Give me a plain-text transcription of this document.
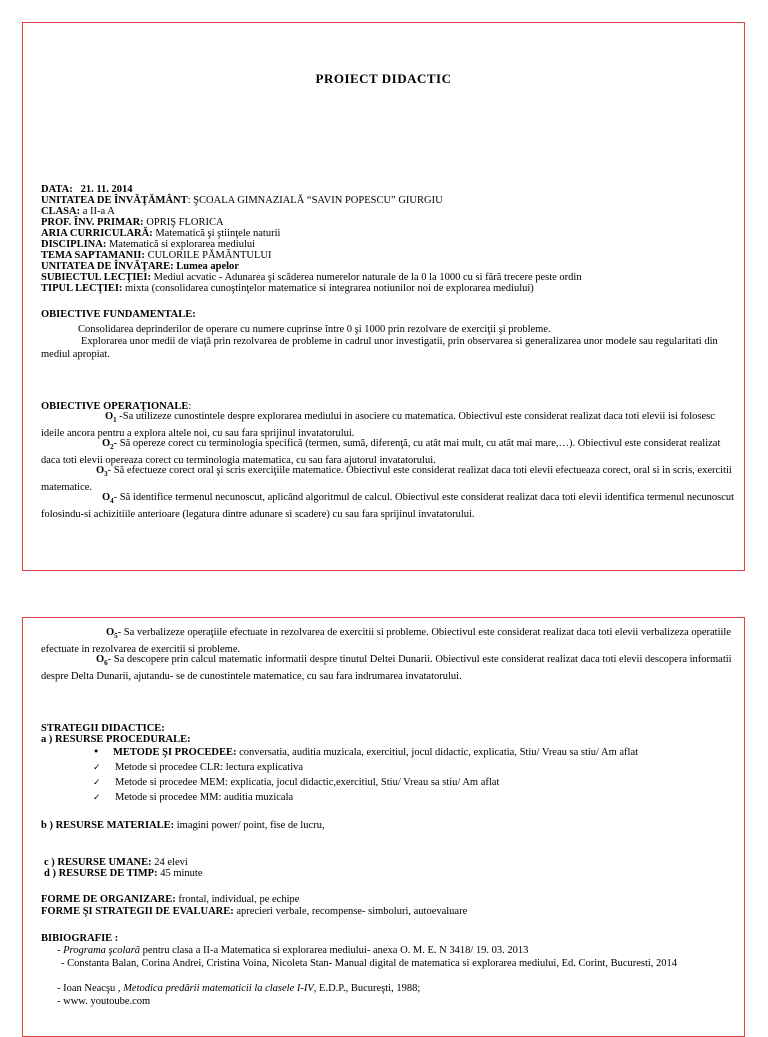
PROIECT DIDACTIC
DATA: 21. 11. 2014
UNITATEA DE ÎNVĂŢĂMÂNT: ŞCOALA GIMNAZIALĂ “SAVIN POPESCU” GIURGIU
CLASA: a II-a A
PROF. ÎNV. PRIMAR: OPRIŞ FLORICA
ARIA CURRICULARĂ: Matematică şi ştiinţele naturii
DISCIPLINA: Matematică si explorarea mediului
TEMA SAPTAMANII: CULORILE PĂMÂNTULUI
UNITATEA DE ÎNVĂŢARE: Lumea apelor
SUBIECTUL LECŢIEI: Mediul acvatic - Adunarea şi scăderea numerelor naturale de la 0 la 1000 cu si fără trecere peste ordin
TIPUL LECŢIEI: mixta (consolidarea cunoştinţelor matematice si integrarea notiunilor noi de explorarea mediului)
OBIECTIVE FUNDAMENTALE:
Consolidarea deprinderilor de operare cu numere cuprinse între 0 şi 1000 prin rezolvare de exerciţii şi probleme.
Explorarea unor medii de viaţă prin rezolvarea de probleme in cadrul unor investigatii, prin observarea si generalizarea unor modele sau regularitati din mediul apropiat.
OBIECTIVE OPERAŢIONALE:
$O_1$ -Sa utilizeze cunostintele despre explorarea mediului in asociere cu matematica. Obiectivul este considerat realizat daca toti elevii isi folosesc ideile ancora pentru a explora altele noi, cu sau fara sprijinul invatatorului.
$O_2-$ Să opereze corect cu terminologia specifică (termen, sumă, diferenţă, cu atât mai mult, cu atât mai mare,…). Obiectivul este considerat realizat daca toti elevii opereaza corect cu terminologia matematica, cu sau fara ajutorul invatatorului.
$O_3-$ Să efectueze corect oral şi scris exerciţiile matematice. Obiectivul este considerat realizat daca toti elevii efectueaza corect, oral si in scris, exercitii matematice.
$O_4-$ Să identifice termenul necunoscut, aplicând algoritmul de calcul. Obiectivul este considerat realizat daca toti elevii identifica termenul necunoscut folosindu-si achizitiile anterioare (legatura dintre adunare si scadere) cu sau fara sprijinul invatatorului.
$O_5-$ Sa verbalizeze operaţiile efectuate in rezolvarea de exercitii si probleme. Obiectivul este considerat realizat daca toti elevii verbalizeza operatiile efectuate in rezolvarea de exercitii si probleme.
$O_6-$ Sa descopere prin calcul matematic informatii despre tinutul Deltei Dunarii. Obiectivul este considerat realizat daca toti elevii descopera informatii despre Delta Dunarii, ajutandu- se de cunostintele matematice, cu sau fara indrumarea invatatorului.
STRATEGII DIDACTICE:
a ) RESURSE PROCEDURALE:
• METODE ŞI PROCEDEE: conversatia, auditia muzicala, exercitiul, jocul didactic, explicatia, Stiu/ Vreau sa stiu/ Am aflat
✓ Metode si procedee CLR: lectura explicativa
✓ Metode si procedee MEM: explicatia, jocul didactic,exercitiul, Stiu/ Vreau sa stiu/ Am aflat
✓ Metode si procedee MM: auditia muzicala
b ) RESURSE MATERIALE: imagini power/ point, fise de lucru,
c ) RESURSE UMANE: 24 elevi
d ) RESURSE DE TIMP: 45 minute
FORME DE ORGANIZARE: frontal, individual, pe echipe
FORME ŞI STRATEGII DE EVALUARE: aprecieri verbale, recompense- simboluri, autoevaluare
BIBIOGRAFIE :
- Programa şcolară pentru clasa a II-a Matematica si explorarea mediului- anexa O. M. E. N 3418/ 19. 03. 2013
- Constanta Balan, Corina Andrei, Cristina Voina, Nicoleta Stan- Manual digital de matematica si explorarea mediului, Ed. Corint, Bucuresti, 2014
- Ioan Neacşu , Metodica predării matematicii la clasele I-IV, E.D.P., Bucureşti, 1988;
- www. youtoube.com
